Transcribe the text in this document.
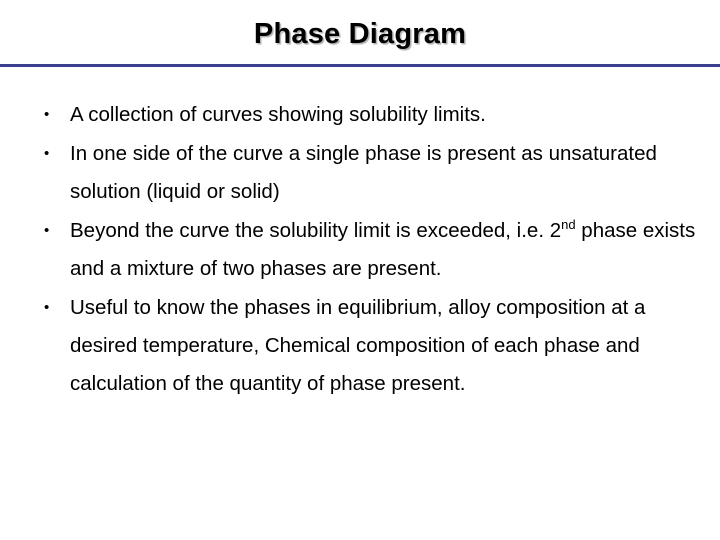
Phase Diagram
• A collection of curves showing solubility limits.
• In one side of the curve a single phase is present as unsaturated solution (liquid or solid)
• Beyond the curve the solubility limit is exceeded, i.e. 2nd phase exists and a mixture of two phases are present.
• Useful to know the phases in equilibrium, alloy composition at a desired temperature, Chemical composition of each phase and calculation of the quantity of phase present.
